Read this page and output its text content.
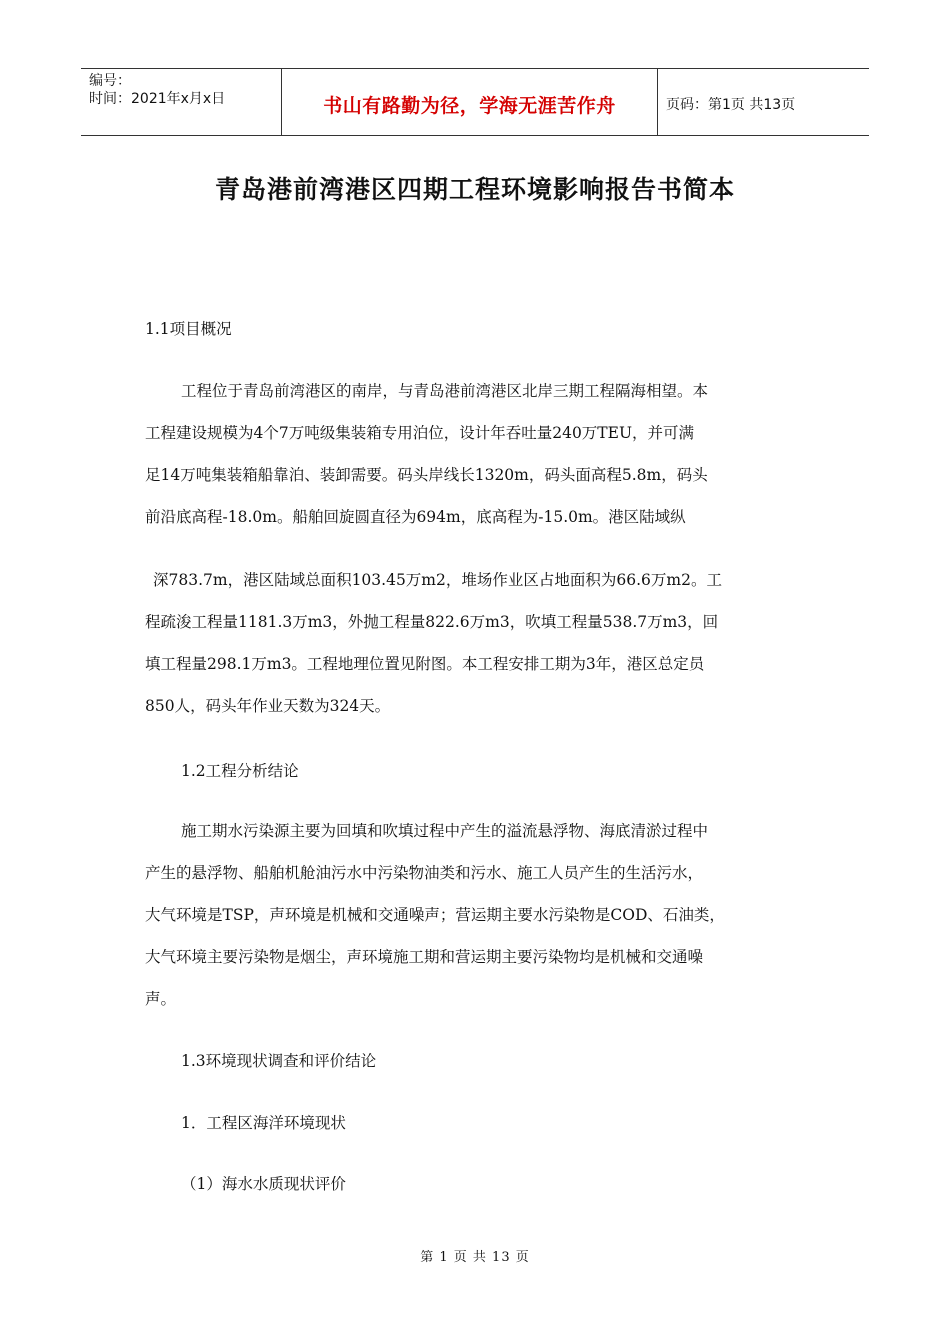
编号：
时间：2021年x月x日	书山有路勤为径，学海无涯苦作舟	页码：第1页 共13页
青岛港前湾港区四期工程环境影响报告书简本
1.1项目概况
工程位于青岛前湾港区的南岸，与青岛港前湾港区北岸三期工程隔海相望。本
工程建设规模为4个7万吨级集装箱专用泊位，设计年吞吐量240万TEU，并可满
足14万吨集装箱船靠泊、装卸需要。码头岸线长1320m，码头面高程5.8m，码头
前沿底高程-18.0m。船舶回旋圆直径为694m，底高程为-15.0m。港区陆域纵
深783.7m，港区陆域总面积103.45万m2，堆场作业区占地面积为66.6万m2。工
程疏浚工程量1181.3万m3，外抛工程量822.6万m3，吹填工程量538.7万m3，回
填工程量298.1万m3。工程地理位置见附图。本工程安排工期为3年，港区总定员
850人，码头年作业天数为324天。
1.2工程分析结论
施工期水污染源主要为回填和吹填过程中产生的溢流悬浮物、海底清淤过程中
产生的悬浮物、船舶机舱油污水中污染物油类和污水、施工人员产生的生活污水，
大气环境是TSP，声环境是机械和交通噪声；营运期主要水污染物是COD、石油类，
大气环境主要污染物是烟尘，声环境施工期和营运期主要污染物均是机械和交通噪
声。
1.3环境现状调查和评价结论
1．工程区海洋环境现状
（1）海水水质现状评价
第 1 页 共 13 页
